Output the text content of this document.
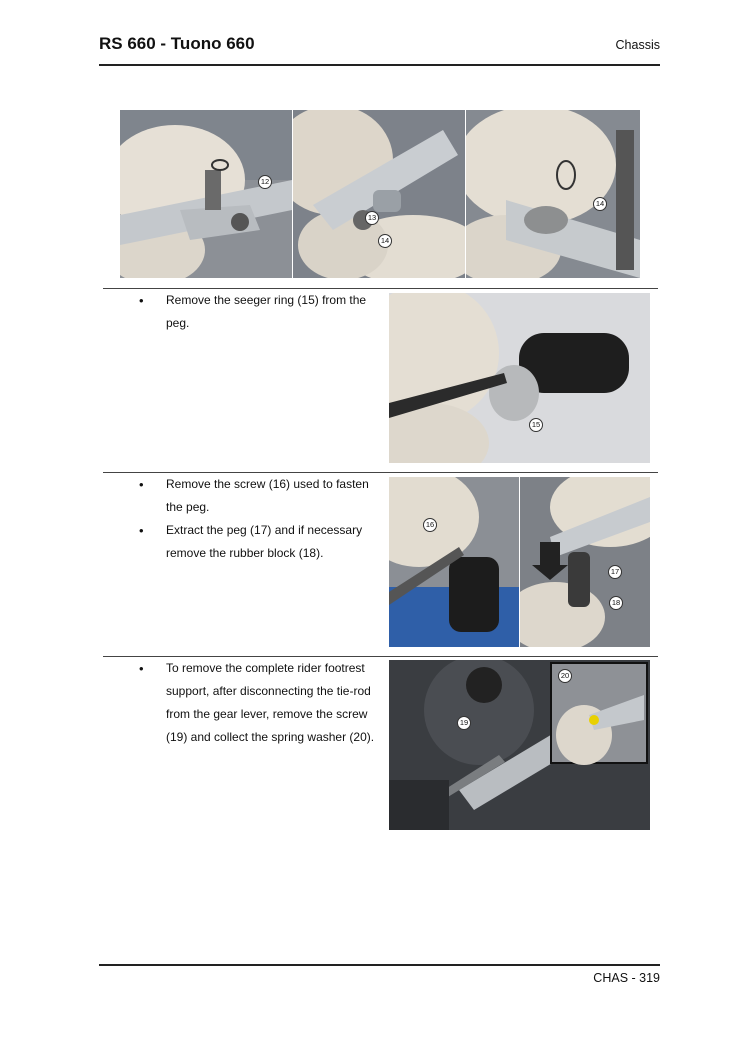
RS 660 - Tuono 660	Chassis
12
13
14
14
• Remove the seeger ring (15) from the peg.
15
• Remove the screw (16) used to fasten the peg.
• Extract the peg (17) and if necessary remove the rubber block (18).
16
17
18
• To remove the complete rider footrest support, after disconnecting the tie-rod from the gear lever, remove the screw (19) and collect the spring washer (20).
20
19
CHAS - 319
